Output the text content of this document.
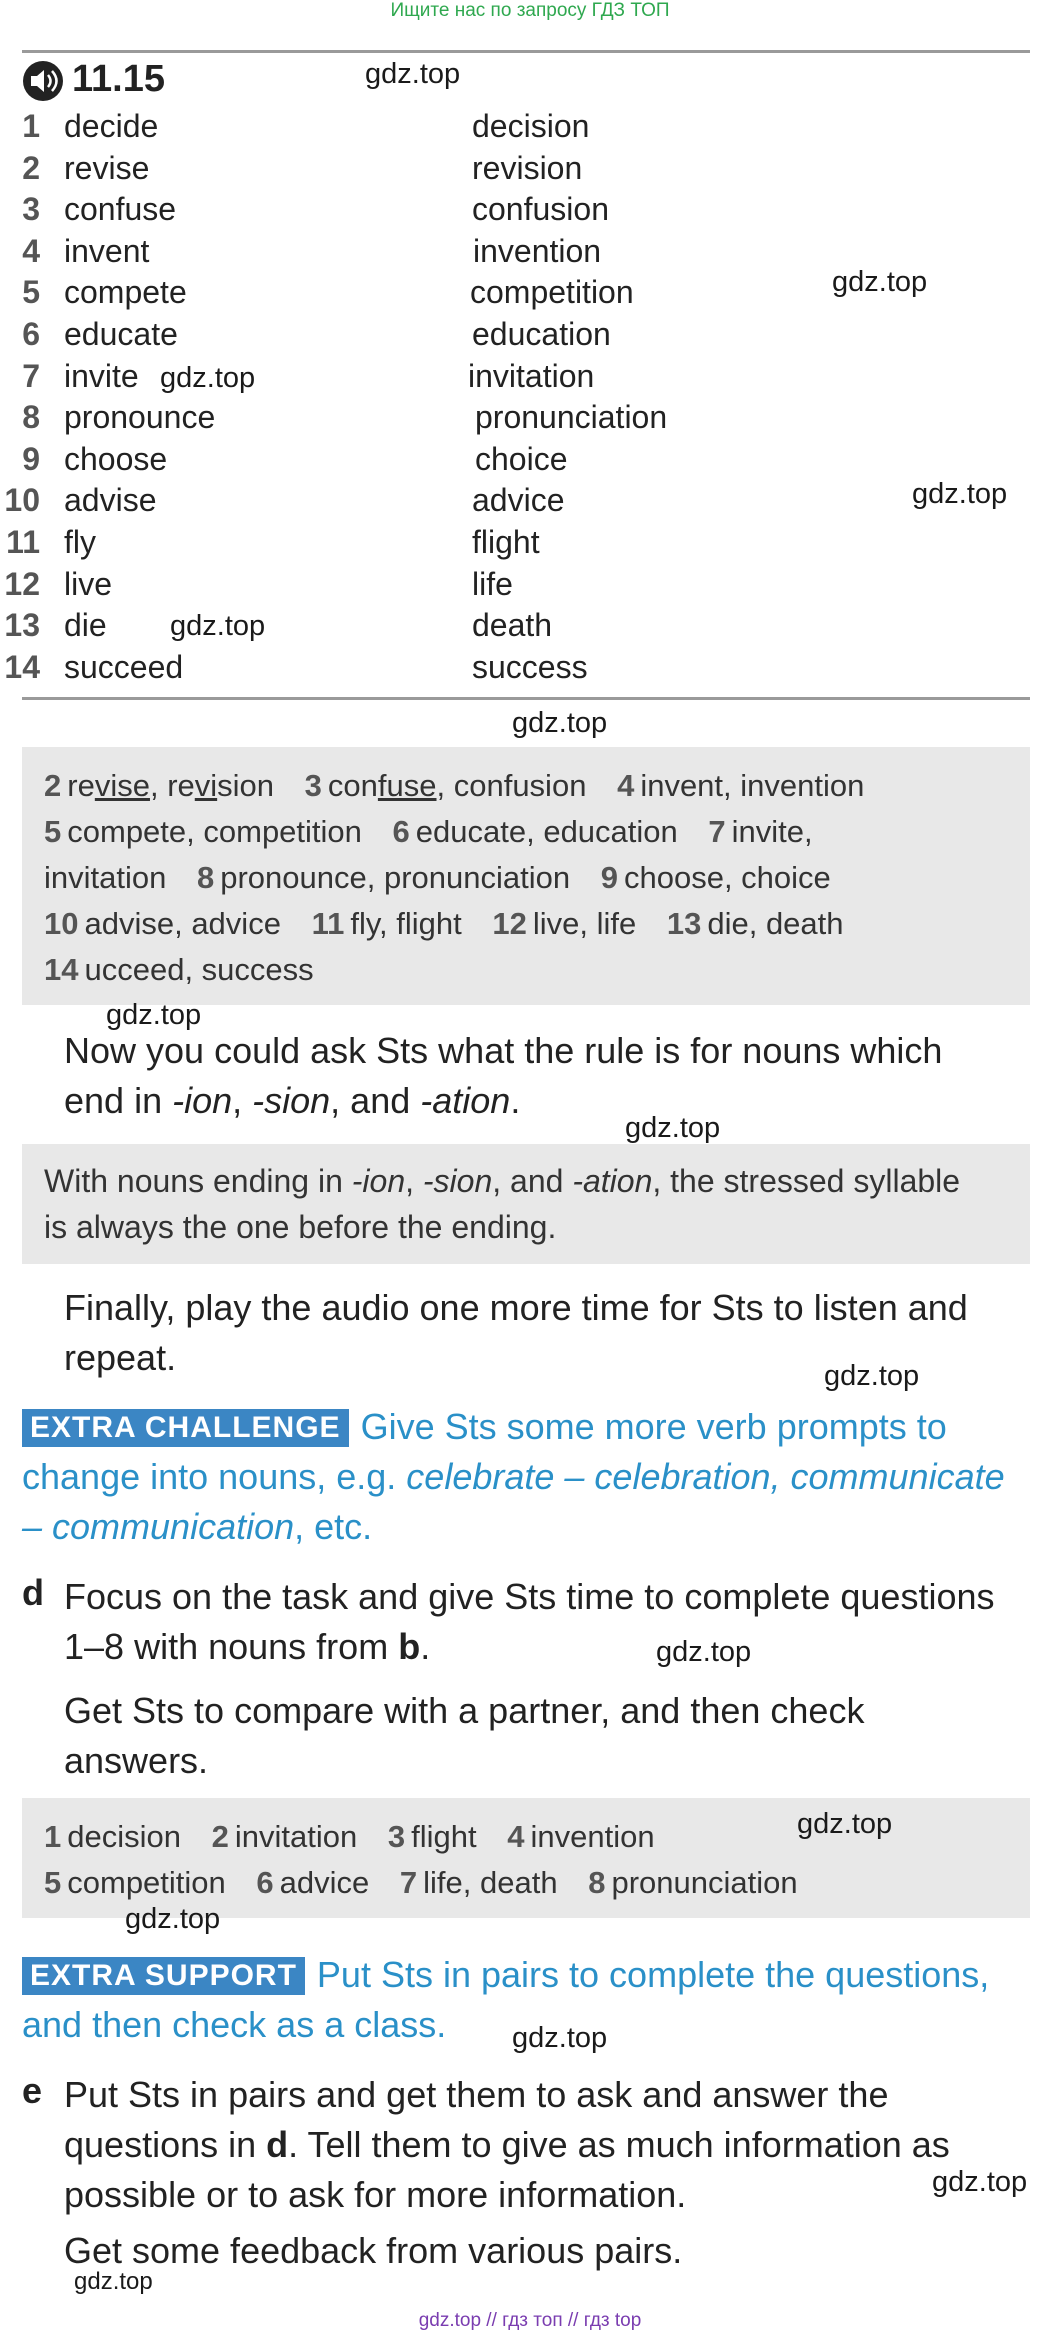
Ищите нас по запросу ГДЗ ТОП
11.15
1 decide	decision
2 revise	revision
3 confuse	confusion
4 invent	invention
5 compete	competition
6 educate	education
7 invite	invitation
8 pronounce	pronunciation
9 choose	choice
10 advise	advice
11 fly	flight
12 live	life
13 die	death
14 succeed	success
2 revise, revision 3 confuse, confusion 4 invent, invention
5 compete, competition 6 educate, education 7 invite,
invitation 8 pronounce, pronunciation 9 choose, choice
10 advise, advice 11 fly, flight 12 live, life 13 die, death
14 ucceed, success
Now you could ask Sts what the rule is for nouns which
end in -ion, -sion, and -ation.
With nouns ending in -ion, -sion, and -ation, the stressed syllable
is always the one before the ending.
Finally, play the audio one more time for Sts to listen and
repeat.
EXTRA CHALLENGE Give Sts some more verb prompts to
change into nouns, e.g. celebrate – celebration, communicate
– communication, etc.
d Focus on the task and give Sts time to complete questions
1–8 with nouns from b.
Get Sts to compare with a partner, and then check
answers.
1 decision 2 invitation 3 flight 4 invention
5 competition 6 advice 7 life, death 8 pronunciation
EXTRA SUPPORT Put Sts in pairs to complete the questions,
and then check as a class.
e Put Sts in pairs and get them to ask and answer the
questions in d. Tell them to give as much information as
possible or to ask for more information.
Get some feedback from various pairs.
gdz.top
gdz.top
gdz.top
gdz.top
gdz.top
gdz.top
gdz.top
gdz.top
gdz.top
gdz.top
gdz.top
gdz.top
gdz.top
gdz.top
gdz.top
gdz.top // гдз топ // гдз top
